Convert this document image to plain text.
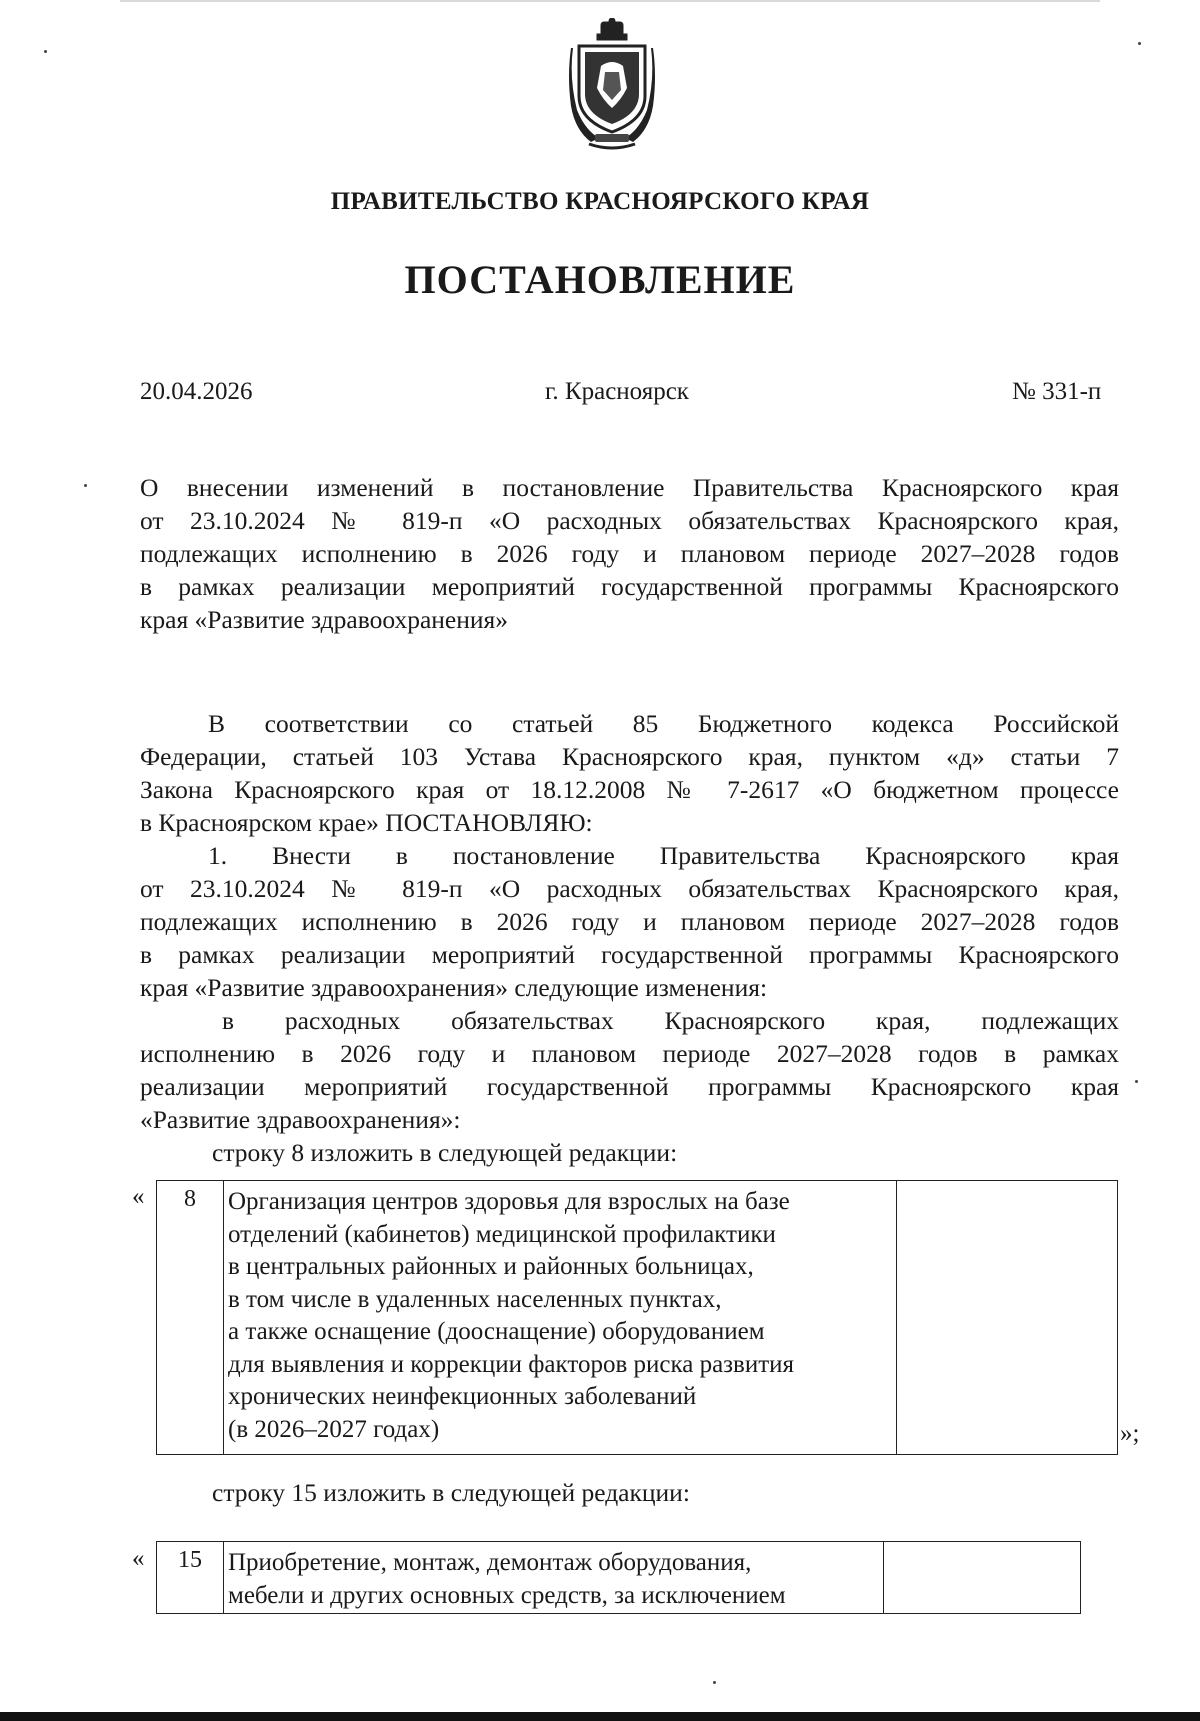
ПРАВИТЕЛЬСТВО КРАСНОЯРСКОГО КРАЯ
ПОСТАНОВЛЕНИЕ
20.04.2026	г. Красноярск	№ 331-п
О внесении изменений в постановление Правительства Красноярского края
от 23.10.2024 № 819-п «О расходных обязательствах Красноярского края,
подлежащих исполнению в 2026 году и плановом периоде 2027–2028 годов
в рамках реализации мероприятий государственной программы Красноярского
края «Развитие здравоохранения»
В соответствии со статьей 85 Бюджетного кодекса Российской
Федерации, статьей 103 Устава Красноярского края, пунктом «д» статьи 7
Закона Красноярского края от 18.12.2008 № 7-2617 «О бюджетном процессе
в Красноярском крае» ПОСТАНОВЛЯЮ:
1. Внести в постановление Правительства Красноярского края
от 23.10.2024 № 819-п «О расходных обязательствах Красноярского края,
подлежащих исполнению в 2026 году и плановом периоде 2027–2028 годов
в рамках реализации мероприятий государственной программы Красноярского
края «Развитие здравоохранения» следующие изменения:
в расходных обязательствах Красноярского края, подлежащих
исполнению в 2026 году и плановом периоде 2027–2028 годов в рамках
реализации мероприятий государственной программы Красноярского края
«Развитие здравоохранения»:
строку 8 изложить в следующей редакции:
«	8	Организация центров здоровья для взрослых на базе
отделений (кабинетов) медицинской профилактики
в центральных районных и районных больницах,
в том числе в удаленных населенных пунктах,
а также оснащение (дооснащение) оборудованием
для выявления и коррекции факторов риска развития
хронических неинфекционных заболеваний
(в 2026–2027 годах)	»;
строку 15 изложить в следующей редакции:
«	15	Приобретение, монтаж, демонтаж оборудования,
мебели и других основных средств, за исключением
